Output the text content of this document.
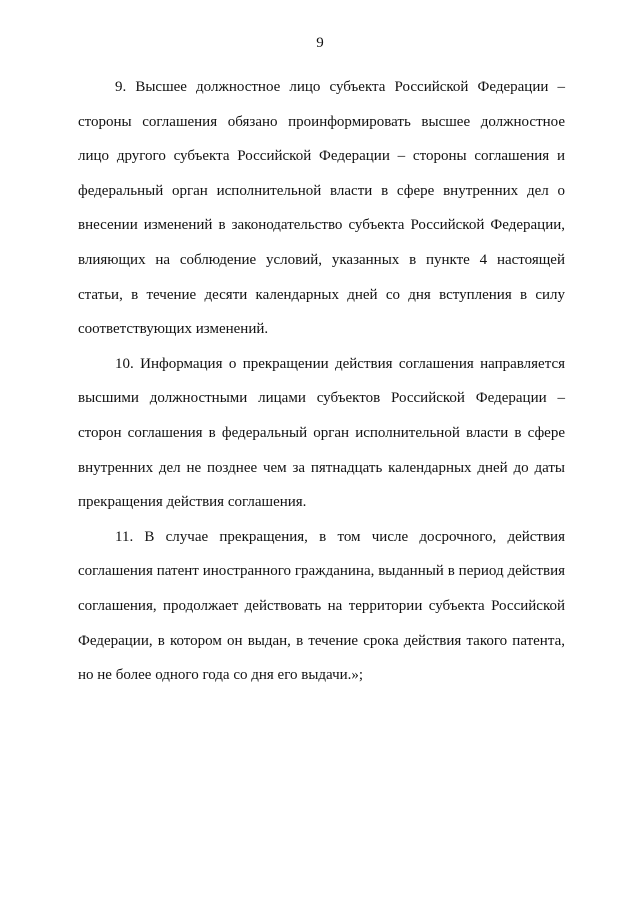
9

9. Высшее должностное лицо субъекта Российской Федерации – стороны соглашения обязано проинформировать высшее должностное лицо другого субъекта Российской Федерации – стороны соглашения и федеральный орган исполнительной власти в сфере внутренних дел о внесении изменений в законодательство субъекта Российской Федерации, влияющих на соблюдение условий, указанных в пункте 4 настоящей статьи, в течение десяти календарных дней со дня вступления в силу соответствующих изменений.

10. Информация о прекращении действия соглашения направляется высшими должностными лицами субъектов Российской Федерации – сторон соглашения в федеральный орган исполнительной власти в сфере внутренних дел не позднее чем за пятнадцать календарных дней до даты прекращения действия соглашения.

11. В случае прекращения, в том числе досрочного, действия соглашения патент иностранного гражданина, выданный в период действия соглашения, продолжает действовать на территории субъекта Российской Федерации, в котором он выдан, в течение срока действия такого патента, но не более одного года со дня его выдачи.»;
